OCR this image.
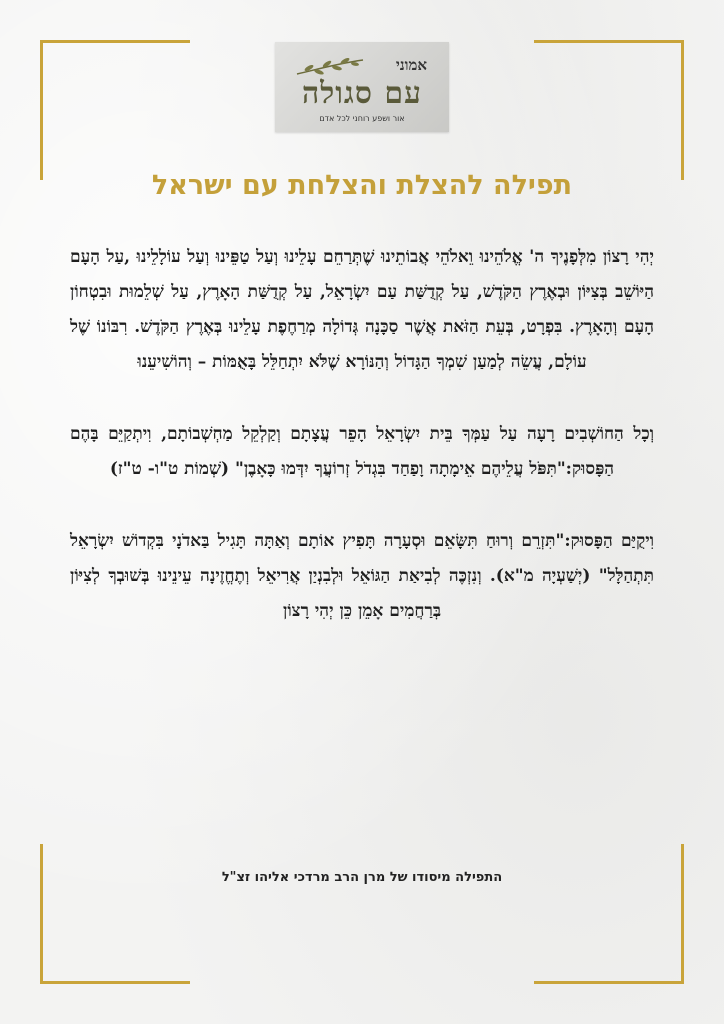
אמוני
עם סגולה
אור ושפע רוחני לכל אדם
תפילה להצלת והצלחת עם ישראל

יְהִי רָצוֹן מִלְּפָנֶיךָ ה' אֱלֹהֵינוּ וֵאלֹהֵי אֲבוֹתֵינוּ שֶׁתְּרַחֵם עָלֵינוּ וְעַל טַפֵּינוּ וְעַל עוֹלָלֵינוּ ,עַל הָעָם הַיּוֹשֵׁב בְּצִיּוֹן וּבְאֶרֶץ הַקֹּדֶשׁ, עַל קְדֻשַּׁת עַם יִשְׂרָאֵל, עַל קְדֻשַּׁת הָאָרֶץ, עַל שְׁלֵמוּת וּבִטְחוֹן הָעָם וְהָאָרֶץ. בִּפְרָט, בְּעֵת הַזֹּאת אֲשֶׁר סַכָּנָה גְּדוֹלָה מְרַחֶפֶת עָלֵינוּ בְּאֶרֶץ הַקֹּדֶשׁ. רִבּוֹנוֹ שֶׁל עוֹלָם, עֲשֵׂה לְמַעַן שִׁמְךָ הַגָּדוֹל וְהַנּוֹרָא שֶׁלֹּא יִתְחַלֵּל בָּאֻמּוֹת – וְהוֹשִׁיעֵנוּ

וְכָל הַחוֹשְׁבִים רָעָה עַל עַמְּךָ בֵּית יִשְׂרָאֵל הָפֵר עֲצָתָם וְקַלְקֵל מַחְשְׁבוֹתָם, וִיתְקַיֵּם בָּהֶם הַפָּסוּק:"תִּפֹּל עֲלֵיהֶם אֵימָתָה וָפַחַד בִּגְדֹל זְרוֹעֲךָ יִדְּמוּ כָּאָבֶן" (שְׁמוֹת ט"ו- ט"ז)

וִיקֻיַּם הַפָּסוּק:"תִּזְרֵם וְרוּחַ תִּשָּׂאֵם וּסְעָרָה תָּפִיץ אוֹתָם וְאַתָּה תָּגִיל בַּאדֹנָי בִּקְדוֹשׁ יִשְׂרָאֵל תִּתְהַלָּל" (יְשַׁעְיָה מ"א). וְנִזְכֶּה לְבִיאַת הַגּוֹאֵל וּלְבִנְיַן אֲרִיאֵל וְתֶחֱזֶינָה עֵינֵינוּ בְּשׁוּבְךָ לְצִיּוֹן בְּרַחֲמִים אָמֵן כֵּן יְהִי רָצוֹן

התפילה מיסודו של מרן הרב מרדכי אליהו זצ"ל
